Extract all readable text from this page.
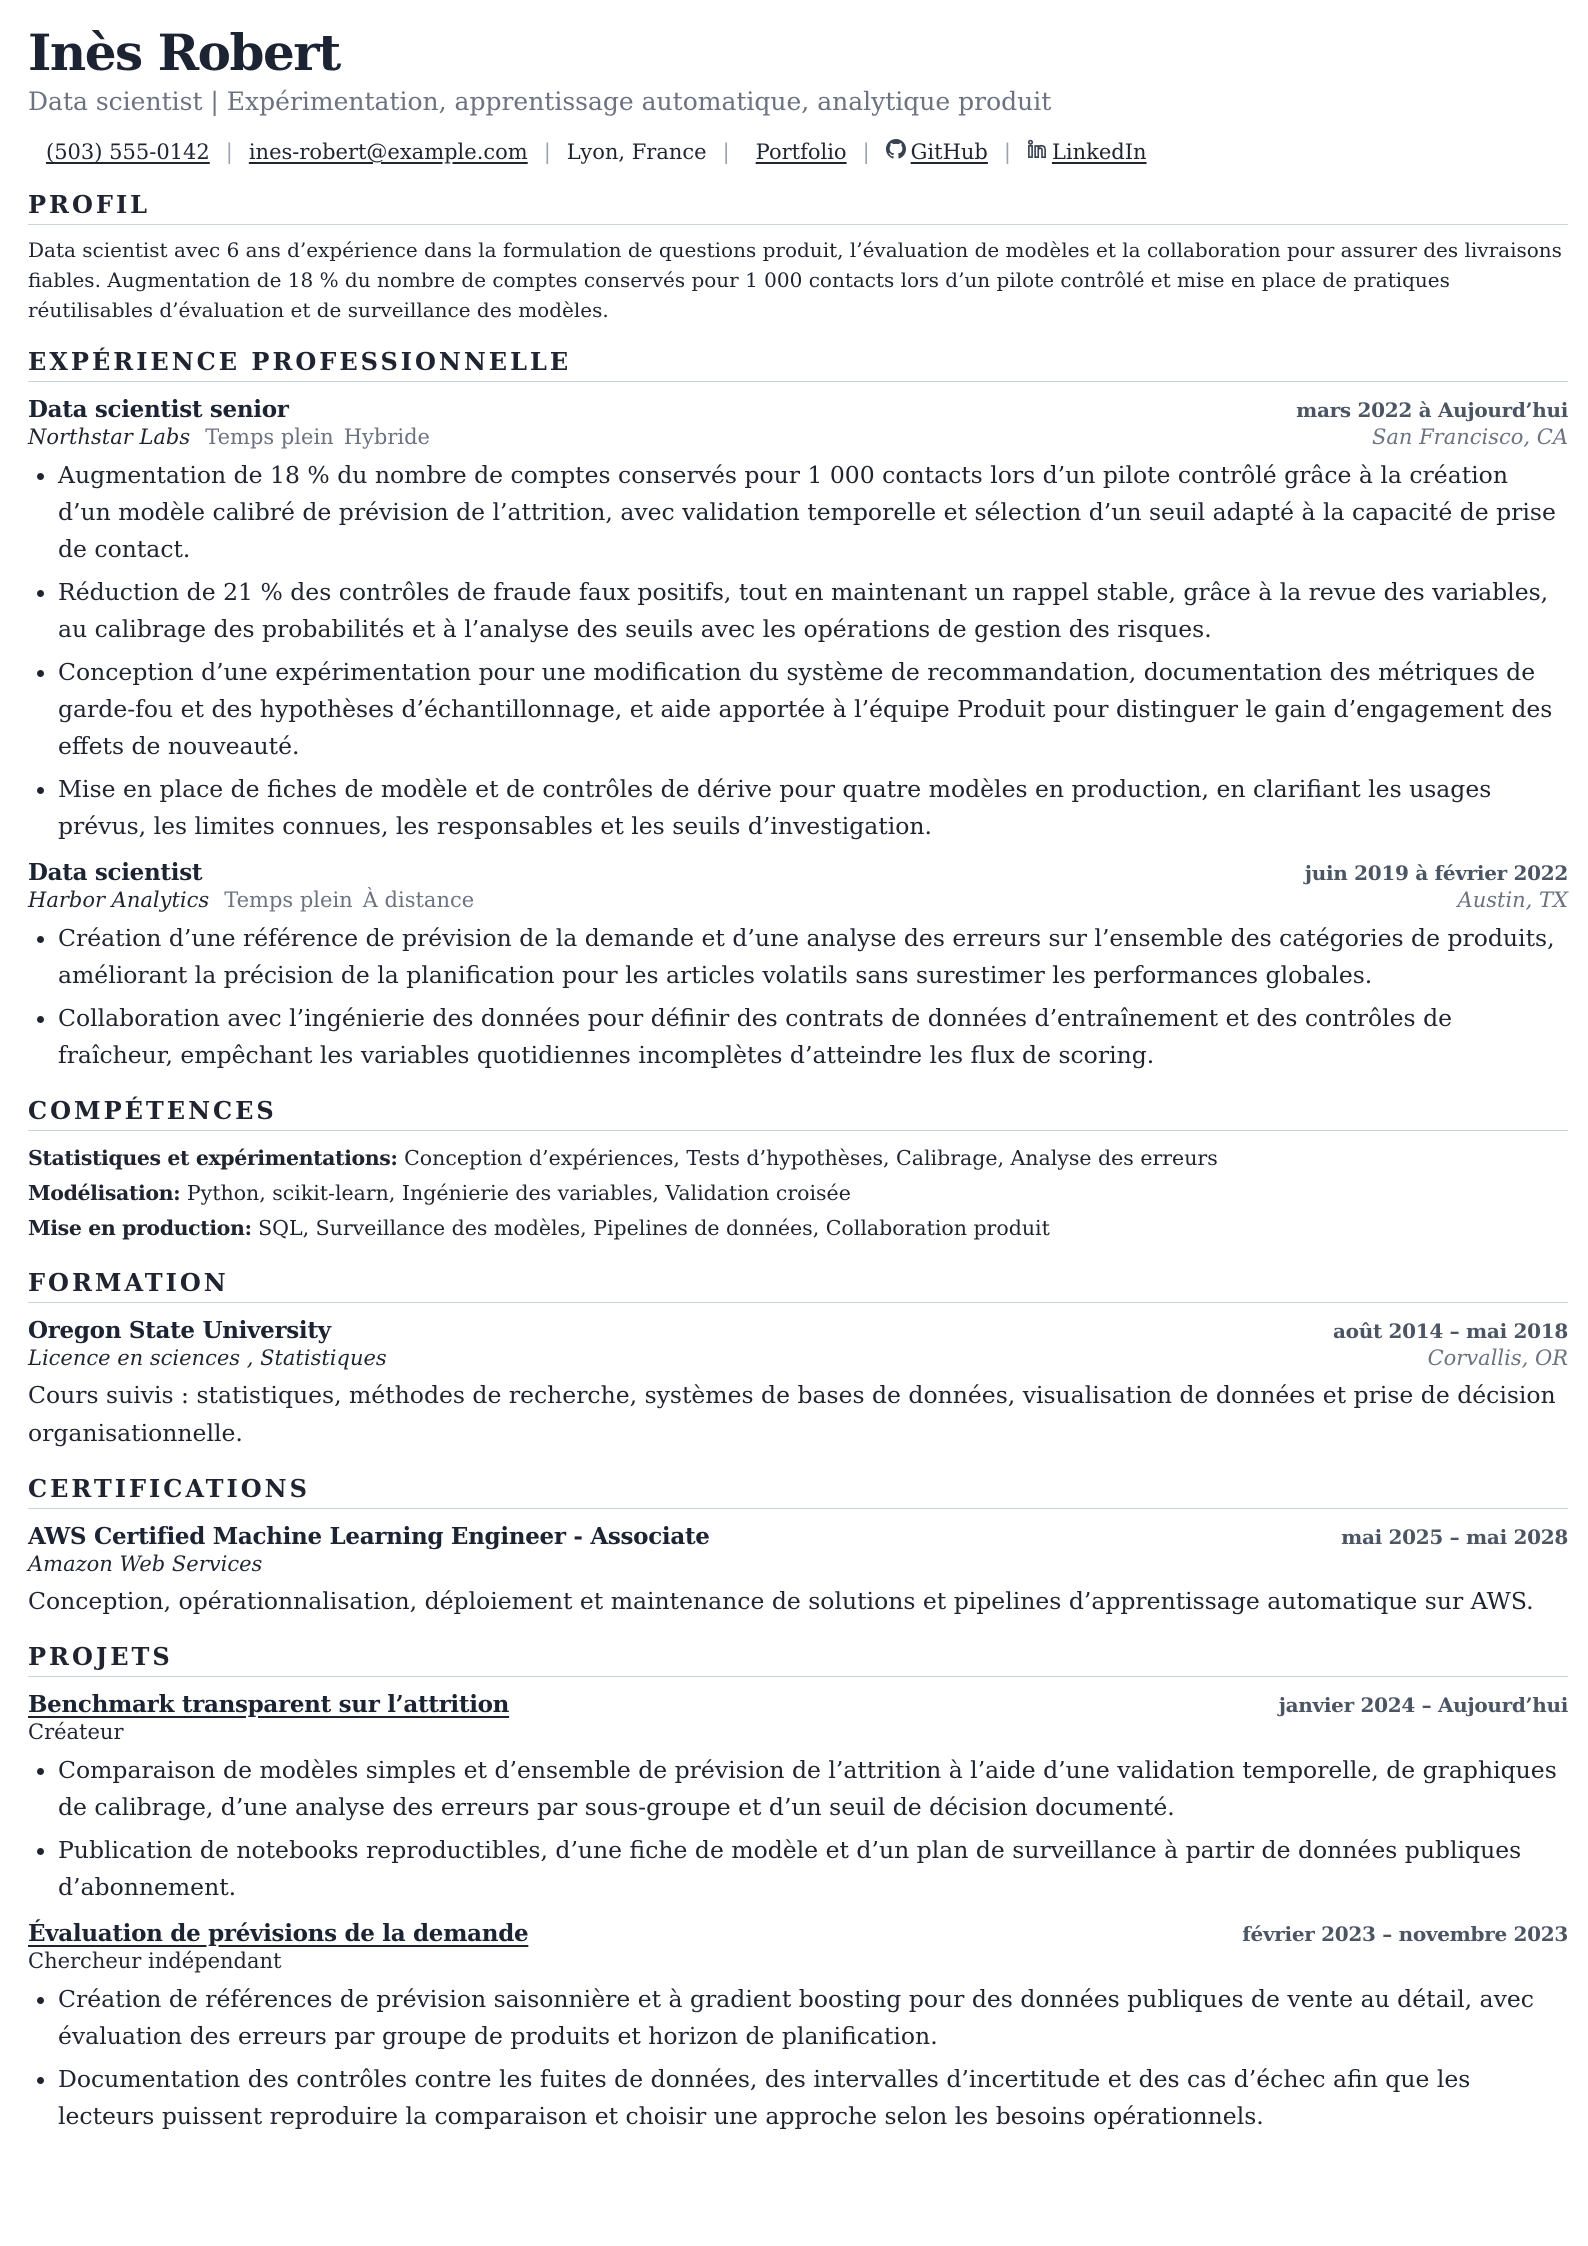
Inès Robert
Data scientist | Expérimentation, apprentissage automatique, analytique produit
(503) 555-0142 | ines-robert@example.com | Lyon, France | Portfolio | GitHub | LinkedIn
PROFIL
Data scientist avec 6 ans d’expérience dans la formulation de questions produit, l’évaluation de modèles et la collaboration pour assurer des livraisons fiables. Augmentation de 18 % du nombre de comptes conservés pour 1 000 contacts lors d’un pilote contrôlé et mise en place de pratiques réutilisables d’évaluation et de surveillance des modèles.
EXPÉRIENCE PROFESSIONNELLE
Data scientist senior	mars 2022 à Aujourd’hui
Northstar Labs Temps plein Hybride	San Francisco, CA
• Augmentation de 18 % du nombre de comptes conservés pour 1 000 contacts lors d’un pilote contrôlé grâce à la création d’un modèle calibré de prévision de l’attrition, avec validation temporelle et sélection d’un seuil adapté à la capacité de prise de contact.
• Réduction de 21 % des contrôles de fraude faux positifs, tout en maintenant un rappel stable, grâce à la revue des variables, au calibrage des probabilités et à l’analyse des seuils avec les opérations de gestion des risques.
• Conception d’une expérimentation pour une modification du système de recommandation, documentation des métriques de garde-fou et des hypothèses d’échantillonnage, et aide apportée à l’équipe Produit pour distinguer le gain d’engagement des effets de nouveauté.
• Mise en place de fiches de modèle et de contrôles de dérive pour quatre modèles en production, en clarifiant les usages prévus, les limites connues, les responsables et les seuils d’investigation.
Data scientist	juin 2019 à février 2022
Harbor Analytics Temps plein À distance	Austin, TX
• Création d’une référence de prévision de la demande et d’une analyse des erreurs sur l’ensemble des catégories de produits, améliorant la précision de la planification pour les articles volatils sans surestimer les performances globales.
• Collaboration avec l’ingénierie des données pour définir des contrats de données d’entraînement et des contrôles de fraîcheur, empêchant les variables quotidiennes incomplètes d’atteindre les flux de scoring.
COMPÉTENCES
Statistiques et expérimentations: Conception d’expériences, Tests d’hypothèses, Calibrage, Analyse des erreurs
Modélisation: Python, scikit-learn, Ingénierie des variables, Validation croisée
Mise en production: SQL, Surveillance des modèles, Pipelines de données, Collaboration produit
FORMATION
Oregon State University	août 2014 – mai 2018
Licence en sciences , Statistiques	Corvallis, OR
Cours suivis : statistiques, méthodes de recherche, systèmes de bases de données, visualisation de données et prise de décision organisationnelle.
CERTIFICATIONS
AWS Certified Machine Learning Engineer - Associate	mai 2025 – mai 2028
Amazon Web Services
Conception, opérationnalisation, déploiement et maintenance de solutions et pipelines d’apprentissage automatique sur AWS.
PROJETS
Benchmark transparent sur l’attrition	janvier 2024 – Aujourd’hui
Créateur
• Comparaison de modèles simples et d’ensemble de prévision de l’attrition à l’aide d’une validation temporelle, de graphiques de calibrage, d’une analyse des erreurs par sous-groupe et d’un seuil de décision documenté.
• Publication de notebooks reproductibles, d’une fiche de modèle et d’un plan de surveillance à partir de données publiques d’abonnement.
Évaluation de prévisions de la demande	février 2023 – novembre 2023
Chercheur indépendant
• Création de références de prévision saisonnière et à gradient boosting pour des données publiques de vente au détail, avec évaluation des erreurs par groupe de produits et horizon de planification.
• Documentation des contrôles contre les fuites de données, des intervalles d’incertitude et des cas d’échec afin que les lecteurs puissent reproduire la comparaison et choisir une approche selon les besoins opérationnels.
